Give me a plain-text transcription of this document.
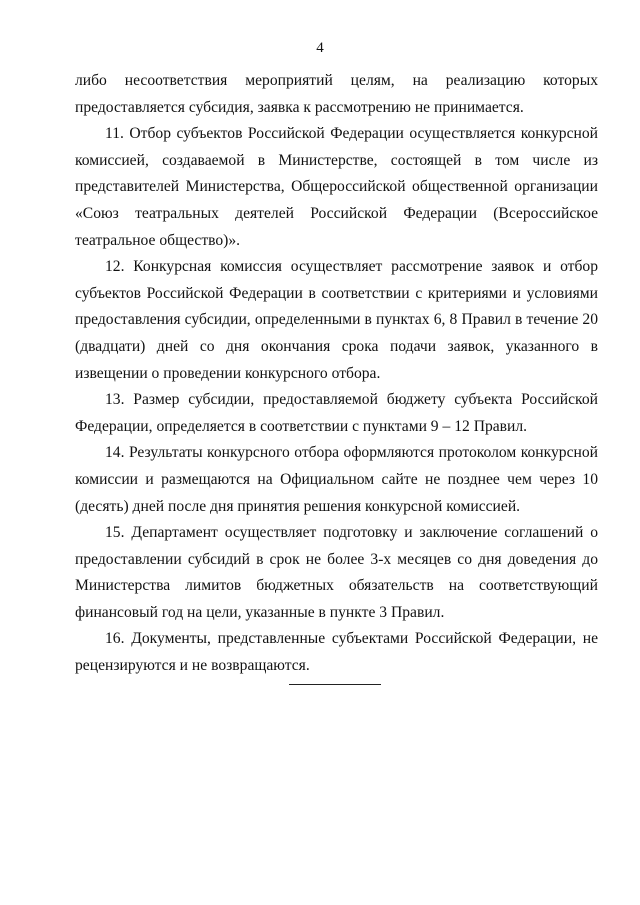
4

либо несоответствия мероприятий целям, на реализацию которых предоставляется субсидия, заявка к рассмотрению не принимается.

11. Отбор субъектов Российской Федерации осуществляется конкурсной комиссией, создаваемой в Министерстве, состоящей в том числе из представителей Министерства, Общероссийской общественной организации «Союз театральных деятелей Российской Федерации (Всероссийское театральное общество)».

12. Конкурсная комиссия осуществляет рассмотрение заявок и отбор субъектов Российской Федерации в соответствии с критериями и условиями предоставления субсидии, определенными в пунктах 6, 8 Правил в течение 20 (двадцати) дней со дня окончания срока подачи заявок, указанного в извещении о проведении конкурсного отбора.

13. Размер субсидии, предоставляемой бюджету субъекта Российской Федерации, определяется в соответствии с пунктами 9 – 12 Правил.

14. Результаты конкурсного отбора оформляются протоколом конкурсной комиссии и размещаются на Официальном сайте не позднее чем через 10 (десять) дней после дня принятия решения конкурсной комиссией.

15. Департамент осуществляет подготовку и заключение соглашений о предоставлении субсидий в срок не более 3-х месяцев со дня доведения до Министерства лимитов бюджетных обязательств на соответствующий финансовый год на цели, указанные в пункте 3 Правил.

16. Документы, представленные субъектами Российской Федерации, не рецензируются и не возвращаются.
